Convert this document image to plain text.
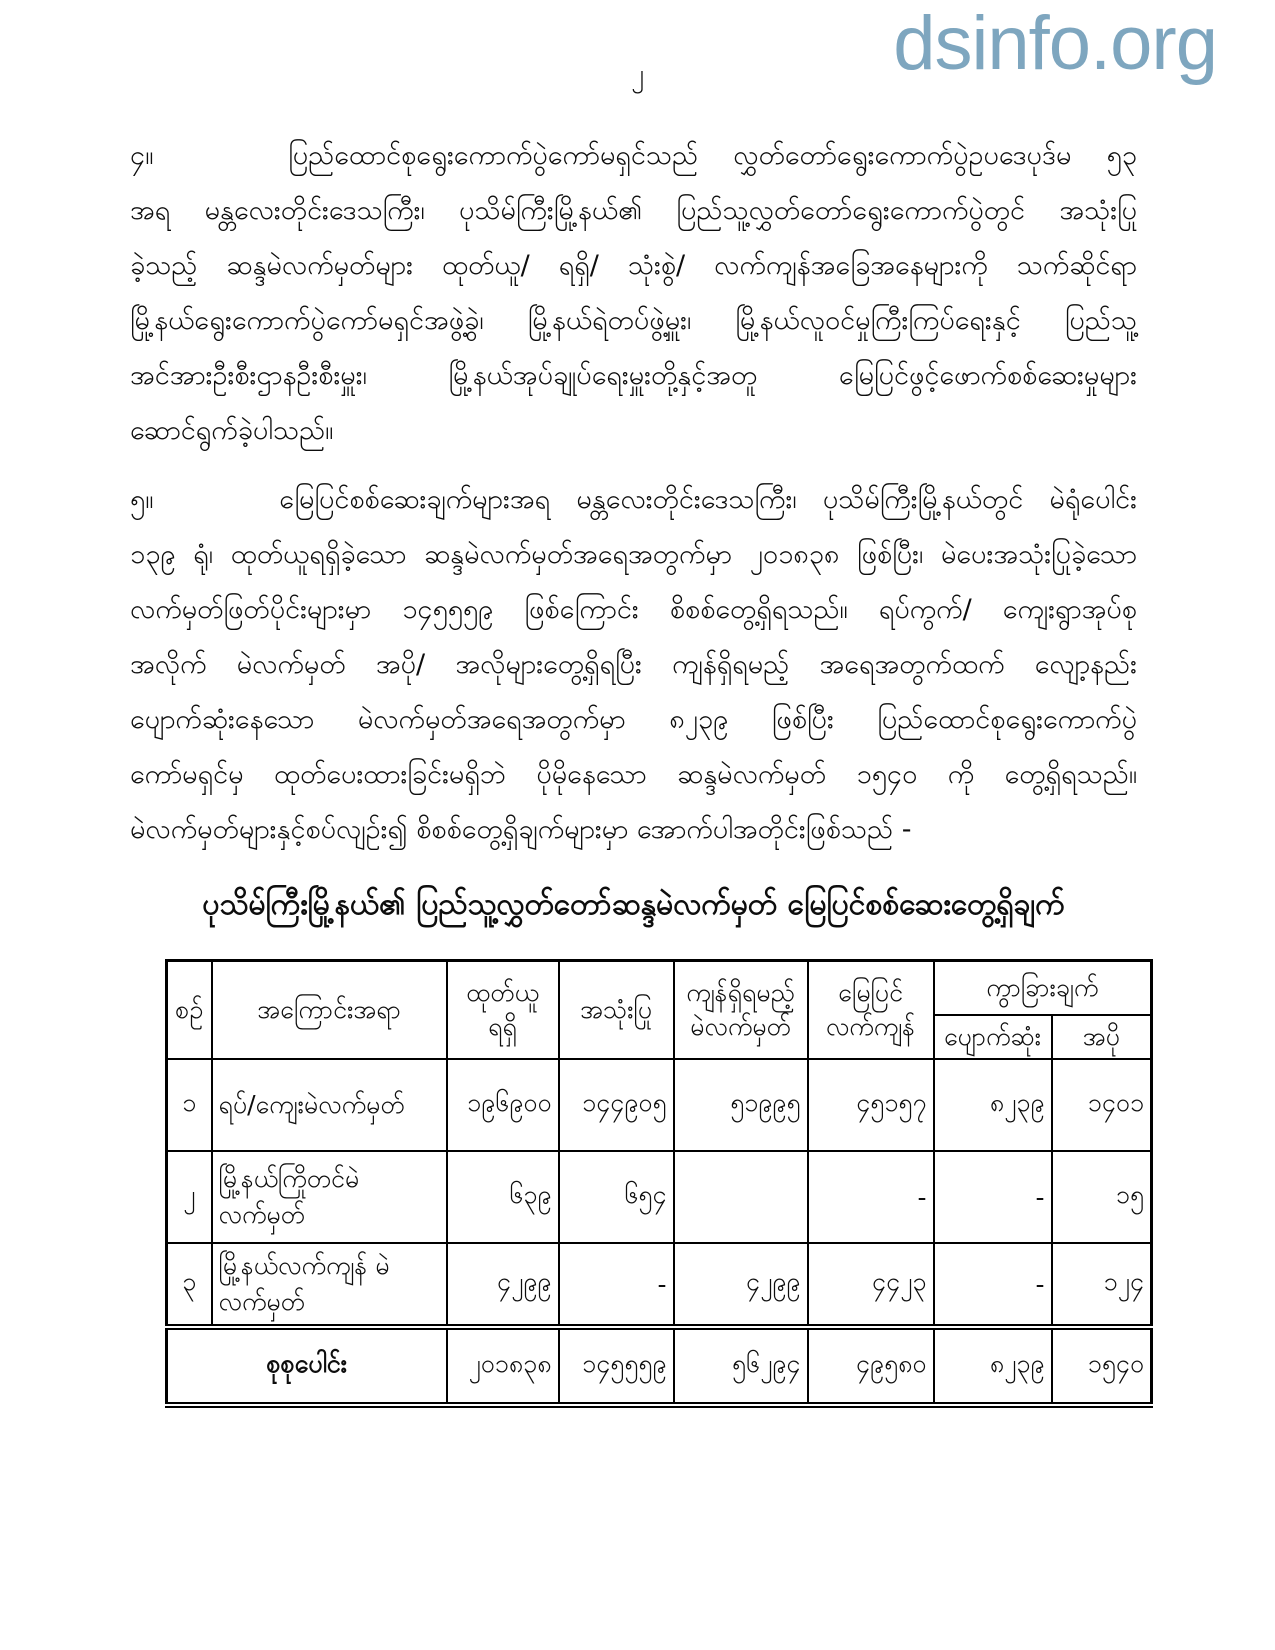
dsinfo.org
၂
၄။	ပြည်ထောင်စုရွေးကောက်ပွဲကော်မရှင်သည် လွှတ်တော်ရွေးကောက်ပွဲဥပဒေပုဒ်မ ၅၃
အရ မန္တလေးတိုင်းဒေသကြီး၊ ပုသိမ်ကြီးမြို့နယ်၏ ပြည်သူ့လွှတ်တော်ရွေးကောက်ပွဲတွင် အသုံးပြု
ခဲ့သည့် ဆန္ဒမဲလက်မှတ်များ ထုတ်ယူ/ ရရှိ/ သုံးစွဲ/ လက်ကျန်အခြေအနေများကို သက်ဆိုင်ရာ
မြို့နယ်ရွေးကောက်ပွဲကော်မရှင်အဖွဲ့ခွဲ၊ မြို့နယ်ရဲတပ်ဖွဲ့မှူး၊ မြို့နယ်လူဝင်မှုကြီးကြပ်ရေးနှင့် ပြည်သူ့
အင်အားဦးစီးဌာနဦးစီးမှူး၊ မြို့နယ်အုပ်ချုပ်ရေးမှူးတို့နှင့်အတူ မြေပြင်ဖွင့်ဖောက်စစ်ဆေးမှုများ
ဆောင်ရွက်ခဲ့ပါသည်။
၅။	မြေပြင်စစ်ဆေးချက်များအရ မန္တလေးတိုင်းဒေသကြီး၊ ပုသိမ်ကြီးမြို့နယ်တွင် မဲရုံပေါင်း
၁၃၉ ရုံ၊ ထုတ်ယူရရှိခဲ့သော ဆန္ဒမဲလက်မှတ်အရေအတွက်မှာ ၂၀၁၈၃၈ ဖြစ်ပြီး၊ မဲပေးအသုံးပြုခဲ့သော
လက်မှတ်ဖြတ်ပိုင်းများမှာ ၁၄၅၅၅၉ ဖြစ်ကြောင်း စိစစ်တွေ့ရှိရသည်။ ရပ်ကွက်/ ကျေးရွာအုပ်စု
အလိုက် မဲလက်မှတ် အပို/ အလိုများတွေ့ရှိရပြီး ကျန်ရှိရမည့် အရေအတွက်ထက် လျော့နည်း
ပျောက်ဆုံးနေသော မဲလက်မှတ်အရေအတွက်မှာ ၈၂၃၉ ဖြစ်ပြီး ပြည်ထောင်စုရွေးကောက်ပွဲ
ကော်မရှင်မှ ထုတ်ပေးထားခြင်းမရှိဘဲ ပိုမိုနေသော ဆန္ဒမဲလက်မှတ် ၁၅၄၀ ကို တွေ့ရှိရသည်။
မဲလက်မှတ်များနှင့်စပ်လျဉ်း၍ စိစစ်တွေ့ရှိချက်များမှာ အောက်ပါအတိုင်းဖြစ်သည် -
ပုသိမ်ကြီးမြို့နယ်၏ ပြည်သူ့လွှတ်တော်ဆန္ဒမဲလက်မှတ် မြေပြင်စစ်ဆေးတွေ့ရှိချက်
စဉ်	အကြောင်းအရာ	ထုတ်ယူရရှိ	အသုံးပြု	ကျန်ရှိရမည့် မဲလက်မှတ်	မြေပြင် လက်ကျန်	ကွာခြားချက်	
						ပျောက်ဆုံး	အပို
၁	ရပ်/ကျေးမဲလက်မှတ်	၁၉၆၉၀၀	၁၄၄၉၀၅	၅၁၉၉၅	၄၅၁၅၇	၈၂၃၉	၁၄၀၁
၂	မြို့နယ်ကြိုတင်မဲ လက်မှတ်	၆၃၉	၆၅၄		-	-	၁၅
၃	မြို့နယ်လက်ကျန် မဲလက်မှတ်	၄၂၉၉	-	၄၂၉၉	၄၄၂၃	-	၁၂၄
စုစုပေါင်း		၂၀၁၈၃၈	၁၄၅၅၅၉	၅၆၂၉၄	၄၉၅၈၀	၈၂၃၉	၁၅၄၀
